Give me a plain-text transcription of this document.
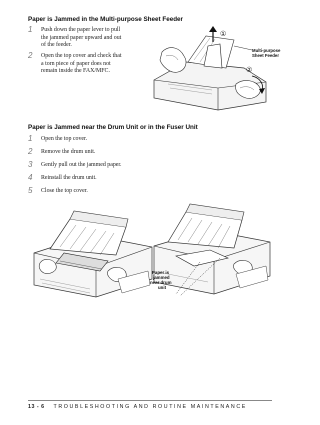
Paper is Jammed in the Multi-purpose Sheet Feeder
1 Push down the paper lever to pull
the jammed paper upward and out
of the feeder.
2 Open the top cover and check that
a torn piece of paper does not
remain inside the FAX/MFC.
①
②
Multi-purpose
Sheet Feeder
Paper is Jammed near the Drum Unit or in the Fuser Unit
1 Open the top cover.
2 Remove the drum unit.
3 Gently pull out the jammed paper.
4 Reinstall the drum unit.
5 Close the top cover.
Paper is
jammed
near drum
unit
13 - 6 TROUBLESHOOTING AND ROUTINE MAINTENANCE
